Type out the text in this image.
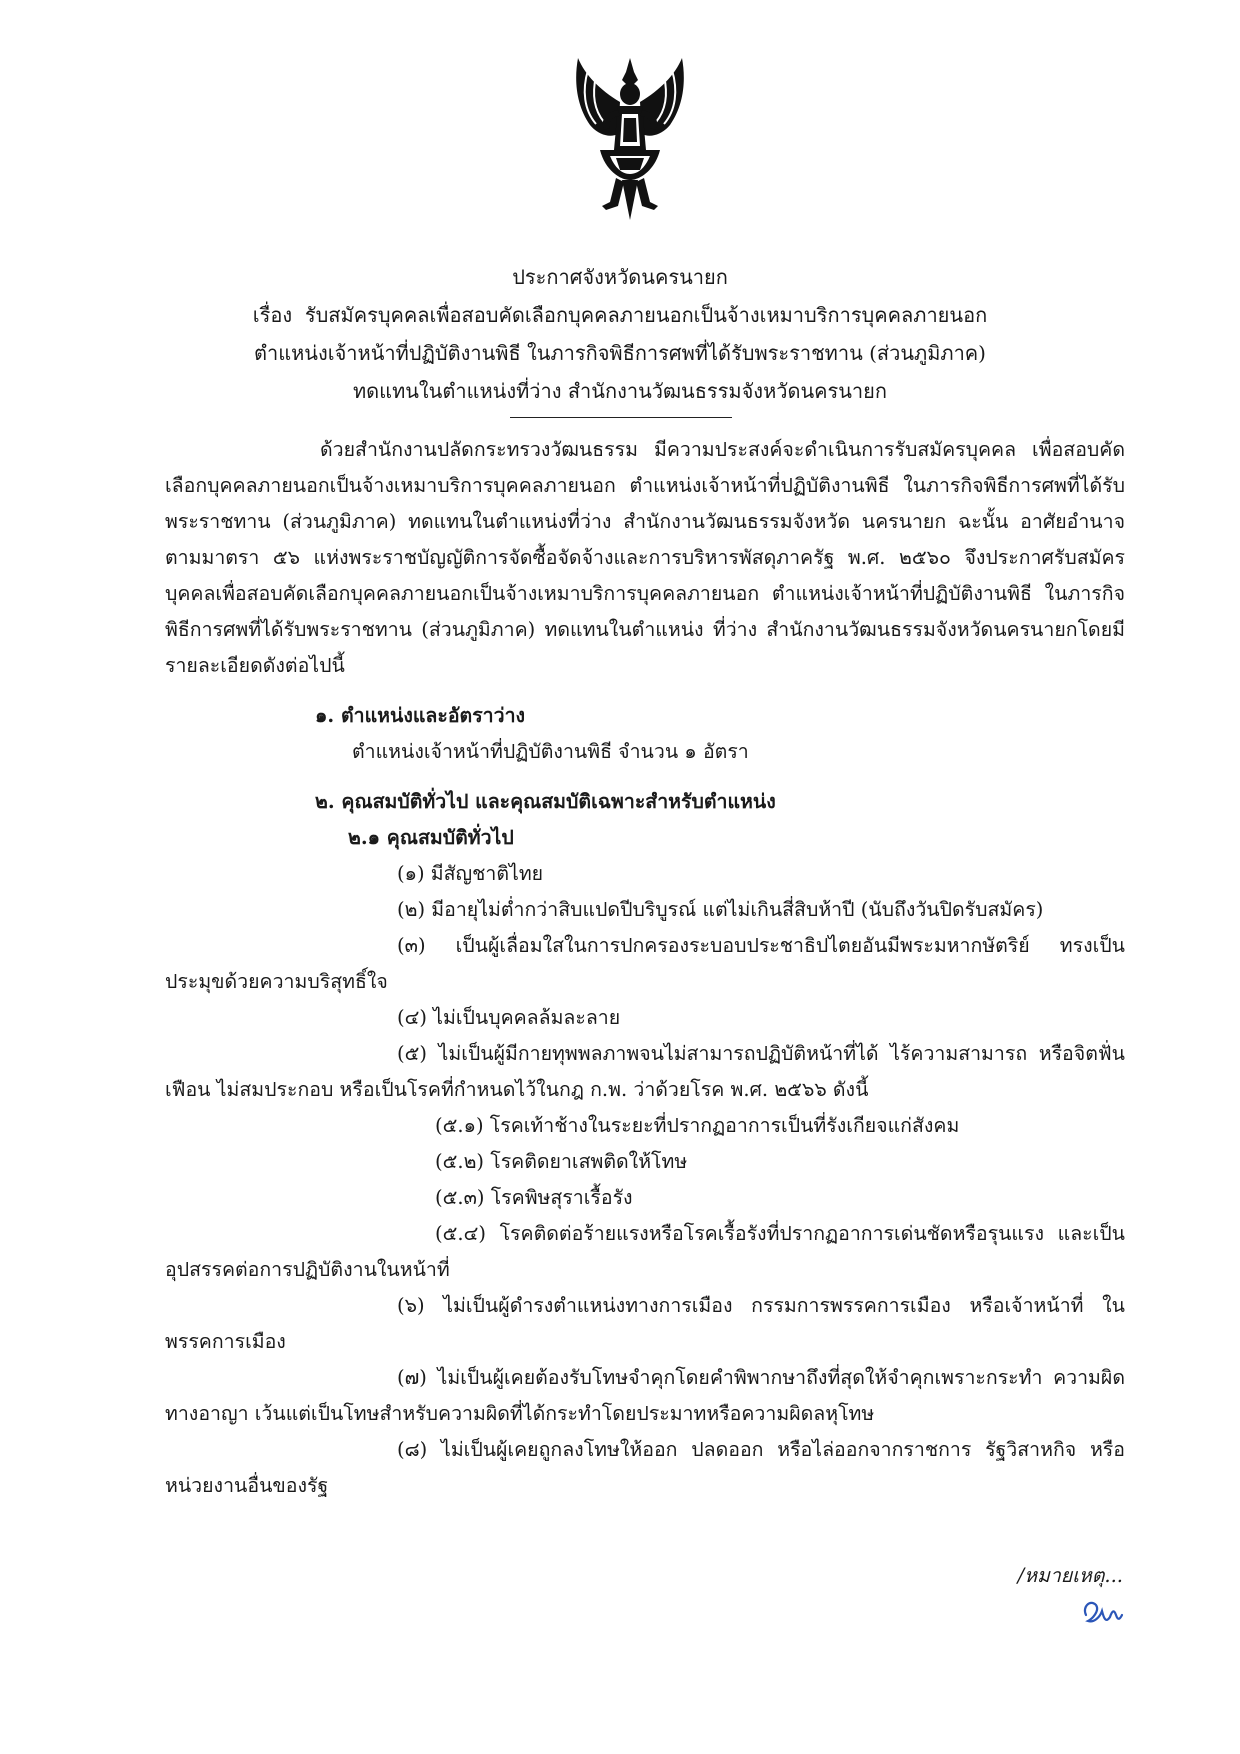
ประกาศจังหวัดนครนายก

เรื่อง  รับสมัครบุคคลเพื่อสอบคัดเลือกบุคคลภายนอกเป็นจ้างเหมาบริการบุคคลภายนอก

ตำแหน่งเจ้าหน้าที่ปฏิบัติงานพิธี ในภารกิจพิธีการศพที่ได้รับพระราชทาน (ส่วนภูมิภาค)

ทดแทนในตำแหน่งที่ว่าง สำนักงานวัฒนธรรมจังหวัดนครนายก

ด้วยสำนักงานปลัดกระทรวงวัฒนธรรม มีความประสงค์จะดำเนินการรับสมัครบุคคล เพื่อสอบคัดเลือกบุคคลภายนอกเป็นจ้างเหมาบริการบุคคลภายนอก ตำแหน่งเจ้าหน้าที่ปฏิบัติงานพิธี ในภารกิจพิธีการศพที่ได้รับพระราชทาน (ส่วนภูมิภาค) ทดแทนในตำแหน่งที่ว่าง สำนักงานวัฒนธรรมจังหวัด นครนายก ฉะนั้น อาศัยอำนาจตามมาตรา ๕๖ แห่งพระราชบัญญัติการจัดซื้อจัดจ้างและการบริหารพัสดุภาครัฐ พ.ศ. ๒๕๖๐ จึงประกาศรับสมัครบุคคลเพื่อสอบคัดเลือกบุคคลภายนอกเป็นจ้างเหมาบริการบุคคลภายนอก ตำแหน่งเจ้าหน้าที่ปฏิบัติงานพิธี ในภารกิจพิธีการศพที่ได้รับพระราชทาน (ส่วนภูมิภาค) ทดแทนในตำแหน่ง ที่ว่าง สำนักงานวัฒนธรรมจังหวัดนครนายกโดยมีรายละเอียดดังต่อไปนี้

๑. ตำแหน่งและอัตราว่าง

ตำแหน่งเจ้าหน้าที่ปฏิบัติงานพิธี จำนวน ๑ อัตรา

๒. คุณสมบัติทั่วไป และคุณสมบัติเฉพาะสำหรับตำแหน่ง

๒.๑ คุณสมบัติทั่วไป

(๑) มีสัญชาติไทย

(๒) มีอายุไม่ต่ำกว่าสิบแปดปีบริบูรณ์ แต่ไม่เกินสี่สิบห้าปี (นับถึงวันปิดรับสมัคร)

(๓) เป็นผู้เลื่อมใสในการปกครองระบอบประชาธิปไตยอันมีพระมหากษัตริย์ ทรงเป็นประมุขด้วยความบริสุทธิ์ใจ

(๔) ไม่เป็นบุคคลล้มละลาย

(๕) ไม่เป็นผู้มีกายทุพพลภาพจนไม่สามารถปฏิบัติหน้าที่ได้ ไร้ความสามารถ หรือจิตฟั่นเฟือน ไม่สมประกอบ หรือเป็นโรคที่กำหนดไว้ในกฎ ก.พ. ว่าด้วยโรค พ.ศ. ๒๕๖๖ ดังนี้

(๕.๑) โรคเท้าช้างในระยะที่ปรากฏอาการเป็นที่รังเกียจแก่สังคม

(๕.๒) โรคติดยาเสพติดให้โทษ

(๕.๓) โรคพิษสุราเรื้อรัง

(๕.๔) โรคติดต่อร้ายแรงหรือโรคเรื้อรังที่ปรากฏอาการเด่นชัดหรือรุนแรง และเป็นอุปสรรคต่อการปฏิบัติงานในหน้าที่

(๖) ไม่เป็นผู้ดำรงตำแหน่งทางการเมือง กรรมการพรรคการเมือง หรือเจ้าหน้าที่ ในพรรคการเมือง

(๗) ไม่เป็นผู้เคยต้องรับโทษจำคุกโดยคำพิพากษาถึงที่สุดให้จำคุกเพราะกระทำ ความผิดทางอาญา เว้นแต่เป็นโทษสำหรับความผิดที่ได้กระทำโดยประมาทหรือความผิดลหุโทษ

(๘) ไม่เป็นผู้เคยถูกลงโทษให้ออก ปลดออก หรือไล่ออกจากราชการ รัฐวิสาหกิจ หรือหน่วยงานอื่นของรัฐ

/หมายเหตุ...
